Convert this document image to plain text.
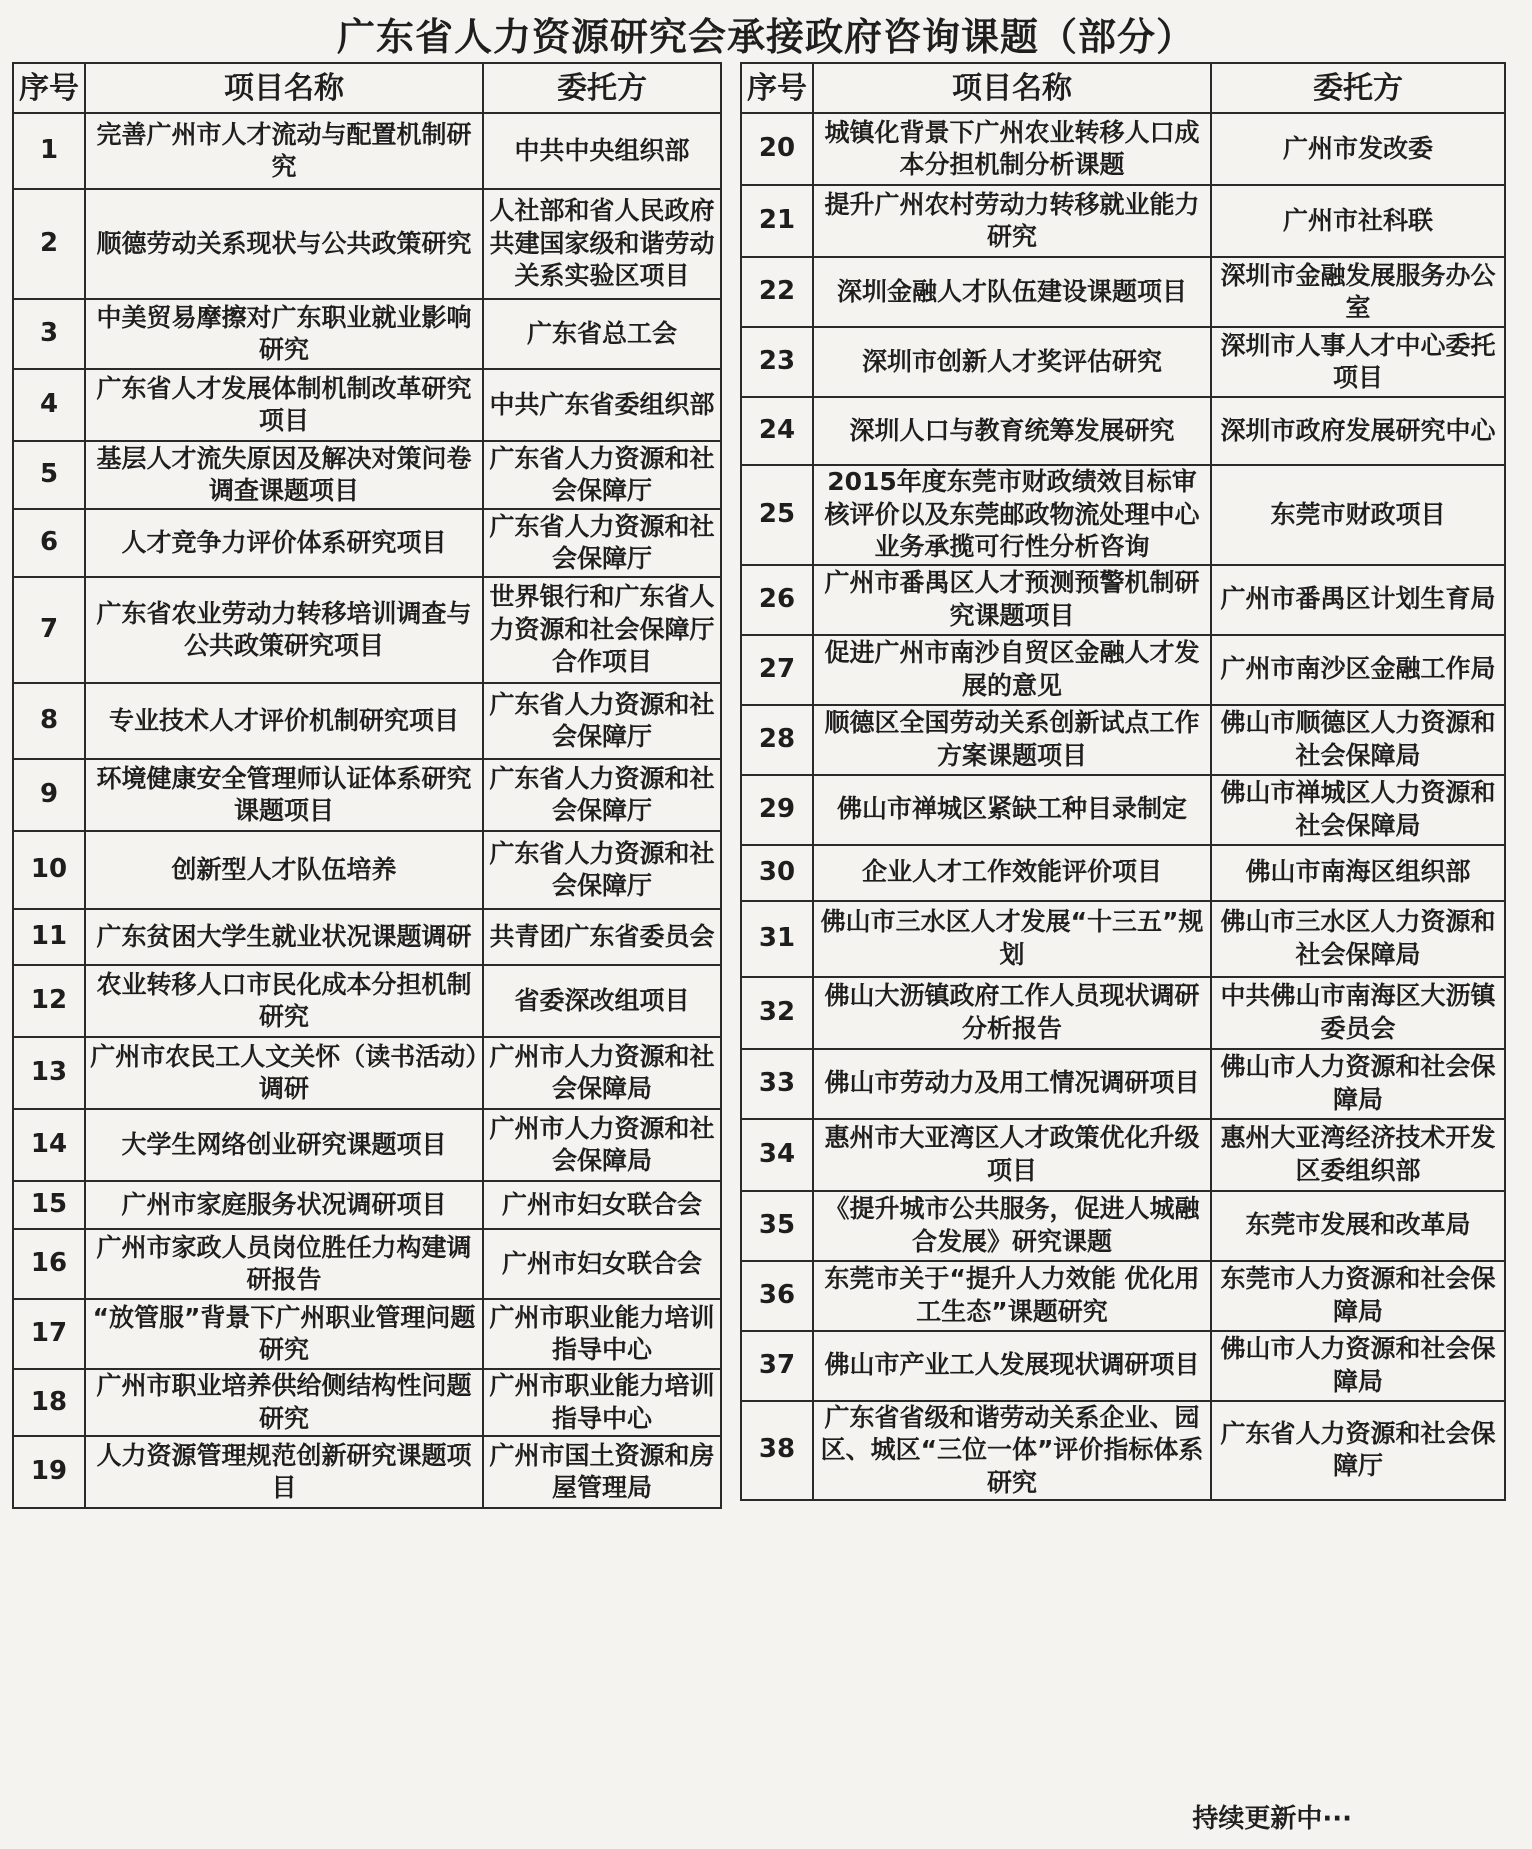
广东省人力资源研究会承接政府咨询课题（部分）
序号	项目名称	委托方
1	完善广州市人才流动与配置机制研究	中共中央组织部
2	顺德劳动关系现状与公共政策研究	人社部和省人民政府共建国家级和谐劳动关系实验区项目
3	中美贸易摩擦对广东职业就业影响研究	广东省总工会
4	广东省人才发展体制机制改革研究项目	中共广东省委组织部
5	基层人才流失原因及解决对策问卷调查课题项目	广东省人力资源和社会保障厅
6	人才竞争力评价体系研究项目	广东省人力资源和社会保障厅
7	广东省农业劳动力转移培训调查与公共政策研究项目	世界银行和广东省人力资源和社会保障厅合作项目
8	专业技术人才评价机制研究项目	广东省人力资源和社会保障厅
9	环境健康安全管理师认证体系研究课题项目	广东省人力资源和社会保障厅
10	创新型人才队伍培养	广东省人力资源和社会保障厅
11	广东贫困大学生就业状况课题调研	共青团广东省委员会
12	农业转移人口市民化成本分担机制研究	省委深改组项目
13	广州市农民工人文关怀（读书活动）调研	广州市人力资源和社会保障局
14	大学生网络创业研究课题项目	广州市人力资源和社会保障局
15	广州市家庭服务状况调研项目	广州市妇女联合会
16	广州市家政人员岗位胜任力构建调研报告	广州市妇女联合会
17	“放管服”背景下广州职业管理问题研究	广州市职业能力培训指导中心
18	广州市职业培养供给侧结构性问题研究	广州市职业能力培训指导中心
19	人力资源管理规范创新研究课题项目	广州市国土资源和房屋管理局
序号	项目名称	委托方
20	城镇化背景下广州农业转移人口成本分担机制分析课题	广州市发改委
21	提升广州农村劳动力转移就业能力研究	广州市社科联
22	深圳金融人才队伍建设课题项目	深圳市金融发展服务办公室
23	深圳市创新人才奖评估研究	深圳市人事人才中心委托项目
24	深圳人口与教育统筹发展研究	深圳市政府发展研究中心
25	2015年度东莞市财政绩效目标审核评价以及东莞邮政物流处理中心业务承揽可行性分析咨询	东莞市财政项目
26	广州市番禺区人才预测预警机制研究课题项目	广州市番禺区计划生育局
27	促进广州市南沙自贸区金融人才发展的意见	广州市南沙区金融工作局
28	顺德区全国劳动关系创新试点工作方案课题项目	佛山市顺德区人力资源和社会保障局
29	佛山市禅城区紧缺工种目录制定	佛山市禅城区人力资源和社会保障局
30	企业人才工作效能评价项目	佛山市南海区组织部
31	佛山市三水区人才发展“十三五”规划	佛山市三水区人力资源和社会保障局
32	佛山大沥镇政府工作人员现状调研分析报告	中共佛山市南海区大沥镇委员会
33	佛山市劳动力及用工情况调研项目	佛山市人力资源和社会保障局
34	惠州市大亚湾区人才政策优化升级项目	惠州大亚湾经济技术开发区委组织部
35	《提升城市公共服务，促进人城融合发展》研究课题	东莞市发展和改革局
36	东莞市关于“提升人力效能 优化用工生态”课题研究	东莞市人力资源和社会保障局
37	佛山市产业工人发展现状调研项目	佛山市人力资源和社会保障局
38	广东省省级和谐劳动关系企业、园区、城区“三位一体”评价指标体系研究	广东省人力资源和社会保障厅
持续更新中···
